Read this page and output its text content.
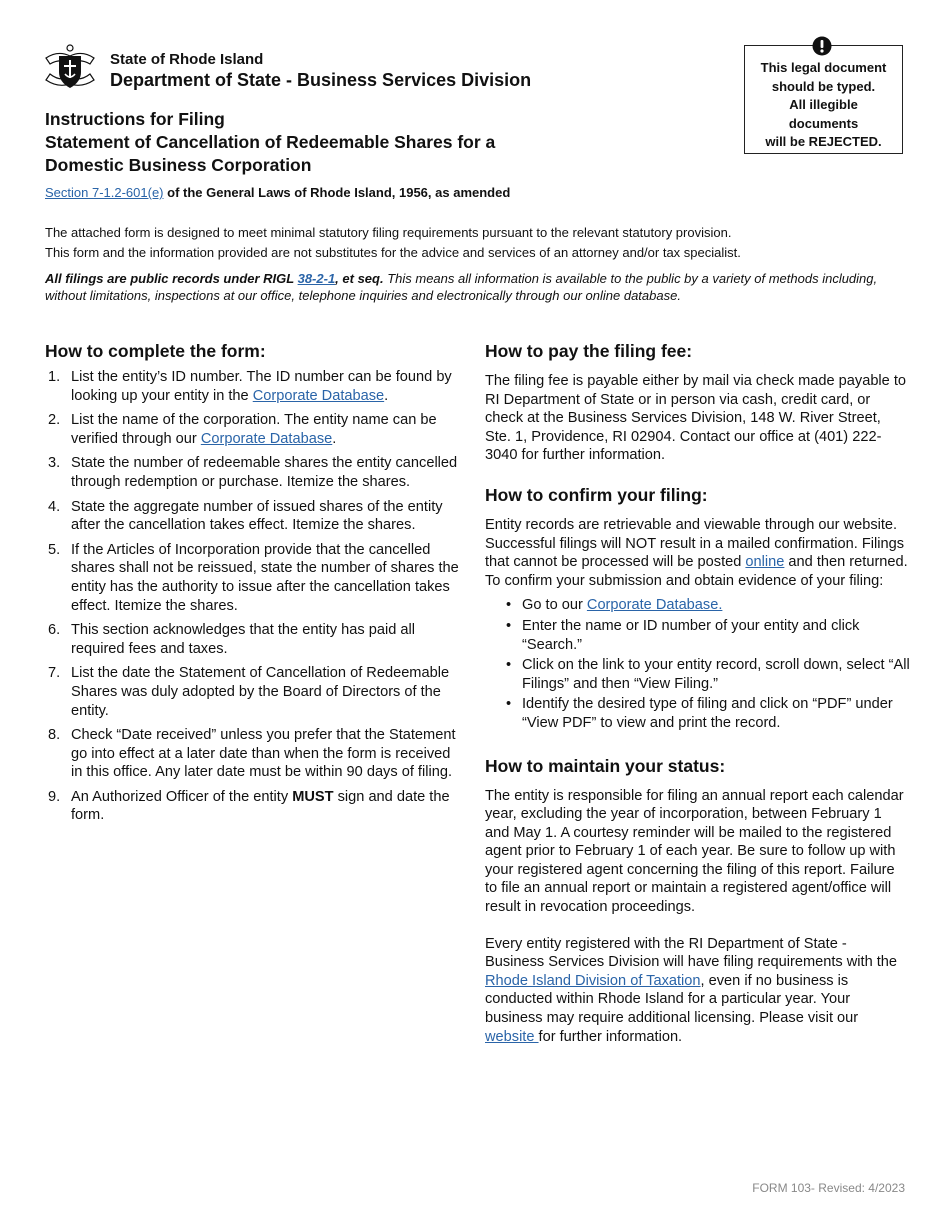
State of Rhode Island
Department of State - Business Services Division
This legal document
should be typed.
All illegible
documents
will be REJECTED.
Instructions for Filing
Statement of Cancellation of Redeemable Shares for a
Domestic Business Corporation
Section 7-1.2-601(e) of the General Laws of Rhode Island, 1956, as amended
The attached form is designed to meet minimal statutory filing requirements pursuant to the relevant statutory provision.
This form and the information provided are not substitutes for the advice and services of an attorney and/or tax specialist.
All filings are public records under RIGL 38-2-1, et seq. This means all information is available to the public by a variety of methods including, without limitations, inspections at our office, telephone inquiries and electronically through our online database.
How to complete the form:
1. List the entity’s ID number. The ID number can be found by looking up your entity in the Corporate Database.
2. List the name of the corporation. The entity name can be verified through our Corporate Database.
3. State the number of redeemable shares the entity cancelled through redemption or purchase. Itemize the shares.
4. State the aggregate number of issued shares of the entity after the cancellation takes effect. Itemize the shares.
5. If the Articles of Incorporation provide that the cancelled shares shall not be reissued, state the number of shares the entity has the authority to issue after the cancellation takes effect. Itemize the shares.
6. This section acknowledges that the entity has paid all required fees and taxes.
7. List the date the Statement of Cancellation of Redeemable Shares was duly adopted by the Board of Directors of the entity.
8. Check “Date received” unless you prefer that the Statement go into effect at a later date than when the form is received in this office. Any later date must be within 90 days of filing.
9. An Authorized Officer of the entity MUST sign and date the form.
How to pay the filing fee:
The filing fee is payable either by mail via check made payable to RI Department of State or in person via cash, credit card, or check at the Business Services Division, 148 W. River Street, Ste. 1, Providence, RI 02904. Contact our office at (401) 222-3040 for further information.
How to confirm your filing:
Entity records are retrievable and viewable through our website. Successful filings will NOT result in a mailed confirmation. Filings that cannot be processed will be posted online and then returned. To confirm your submission and obtain evidence of your filing:
• Go to our Corporate Database.
• Enter the name or ID number of your entity and click “Search.”
• Click on the link to your entity record, scroll down, select “All Filings” and then “View Filing.”
• Identify the desired type of filing and click on “PDF” under “View PDF” to view and print the record.
How to maintain your status:
The entity is responsible for filing an annual report each calendar year, excluding the year of incorporation, between February 1 and May 1. A courtesy reminder will be mailed to the registered agent prior to February 1 of each year. Be sure to follow up with your registered agent concerning the filing of this report. Failure to file an annual report or maintain a registered agent/office will result in revocation proceedings.
Every entity registered with the RI Department of State - Business Services Division will have filing requirements with the Rhode Island Division of Taxation, even if no business is conducted within Rhode Island for a particular year. Your business may require additional licensing. Please visit our website for further information.
FORM 103- Revised: 4/2023
